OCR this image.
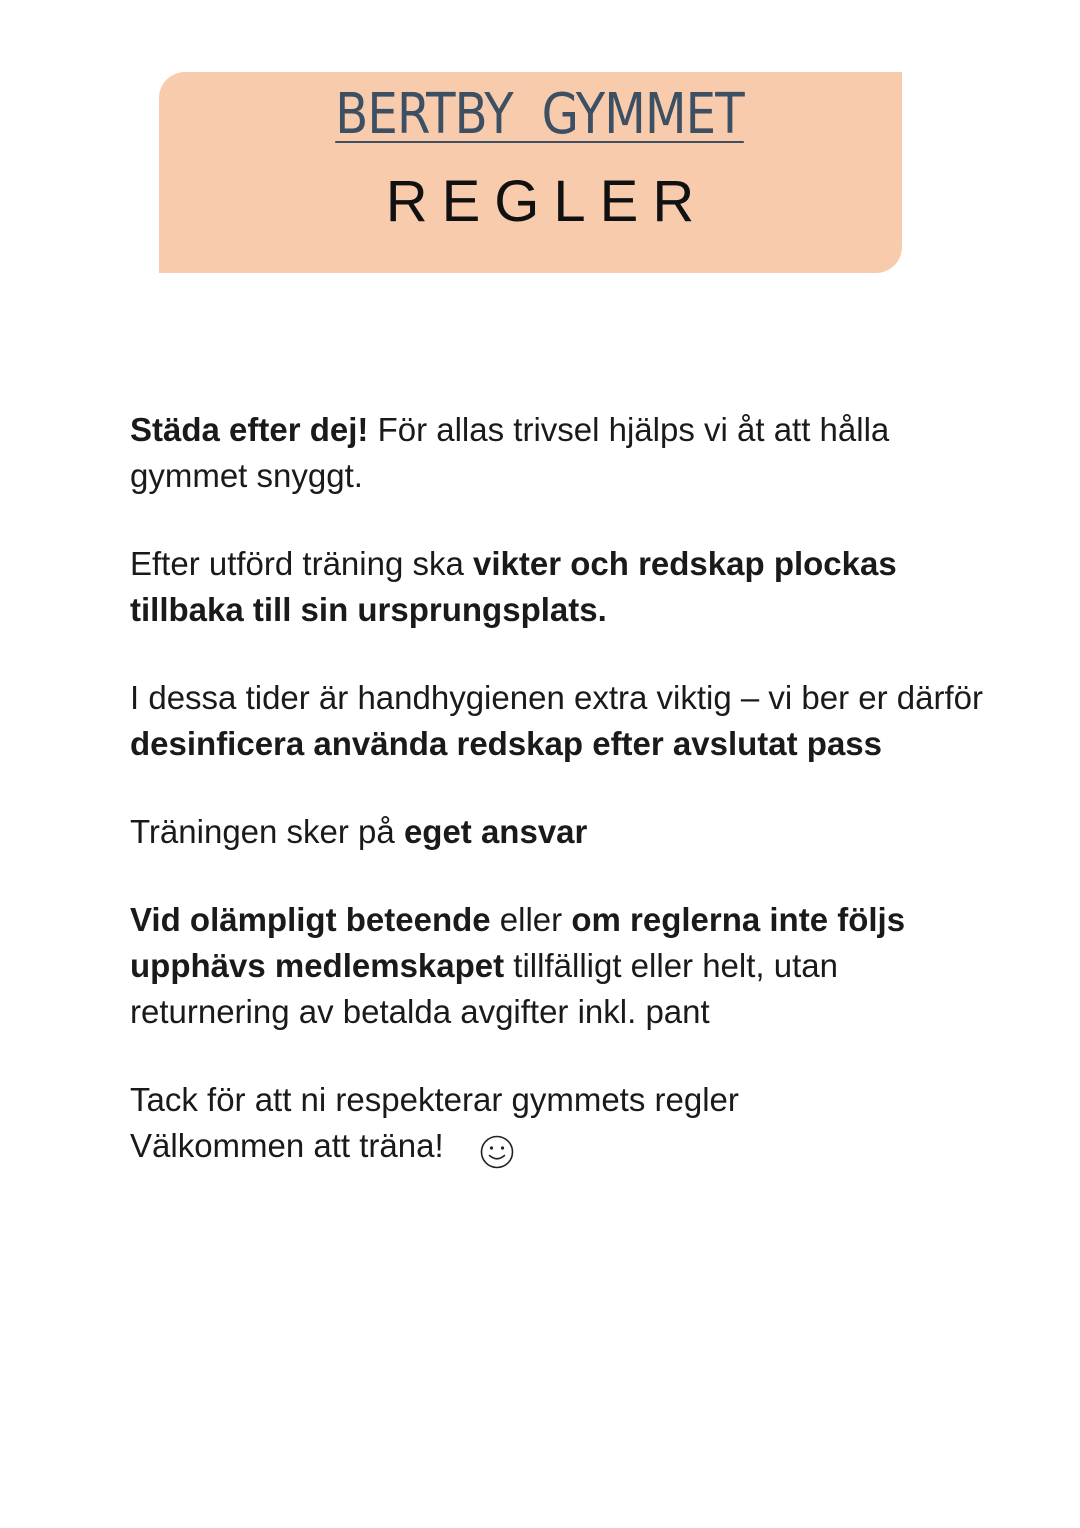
BERTBY  GYMMET
REGLER

Städa efter dej! För allas trivsel hjälps vi åt att hålla gymmet snyggt.

Efter utförd träning ska vikter och redskap plockas tillbaka till sin ursprungsplats.

I dessa tider är handhygienen extra viktig – vi ber er därför desinficera använda redskap efter avslutat pass

Träningen sker på eget ansvar

Vid olämpligt beteende eller om reglerna inte följs upphävs medlemskapet tillfälligt eller helt, utan returnering av betalda avgifter inkl. pant

Tack för att ni respekterar gymmets regler
Välkommen att träna!
